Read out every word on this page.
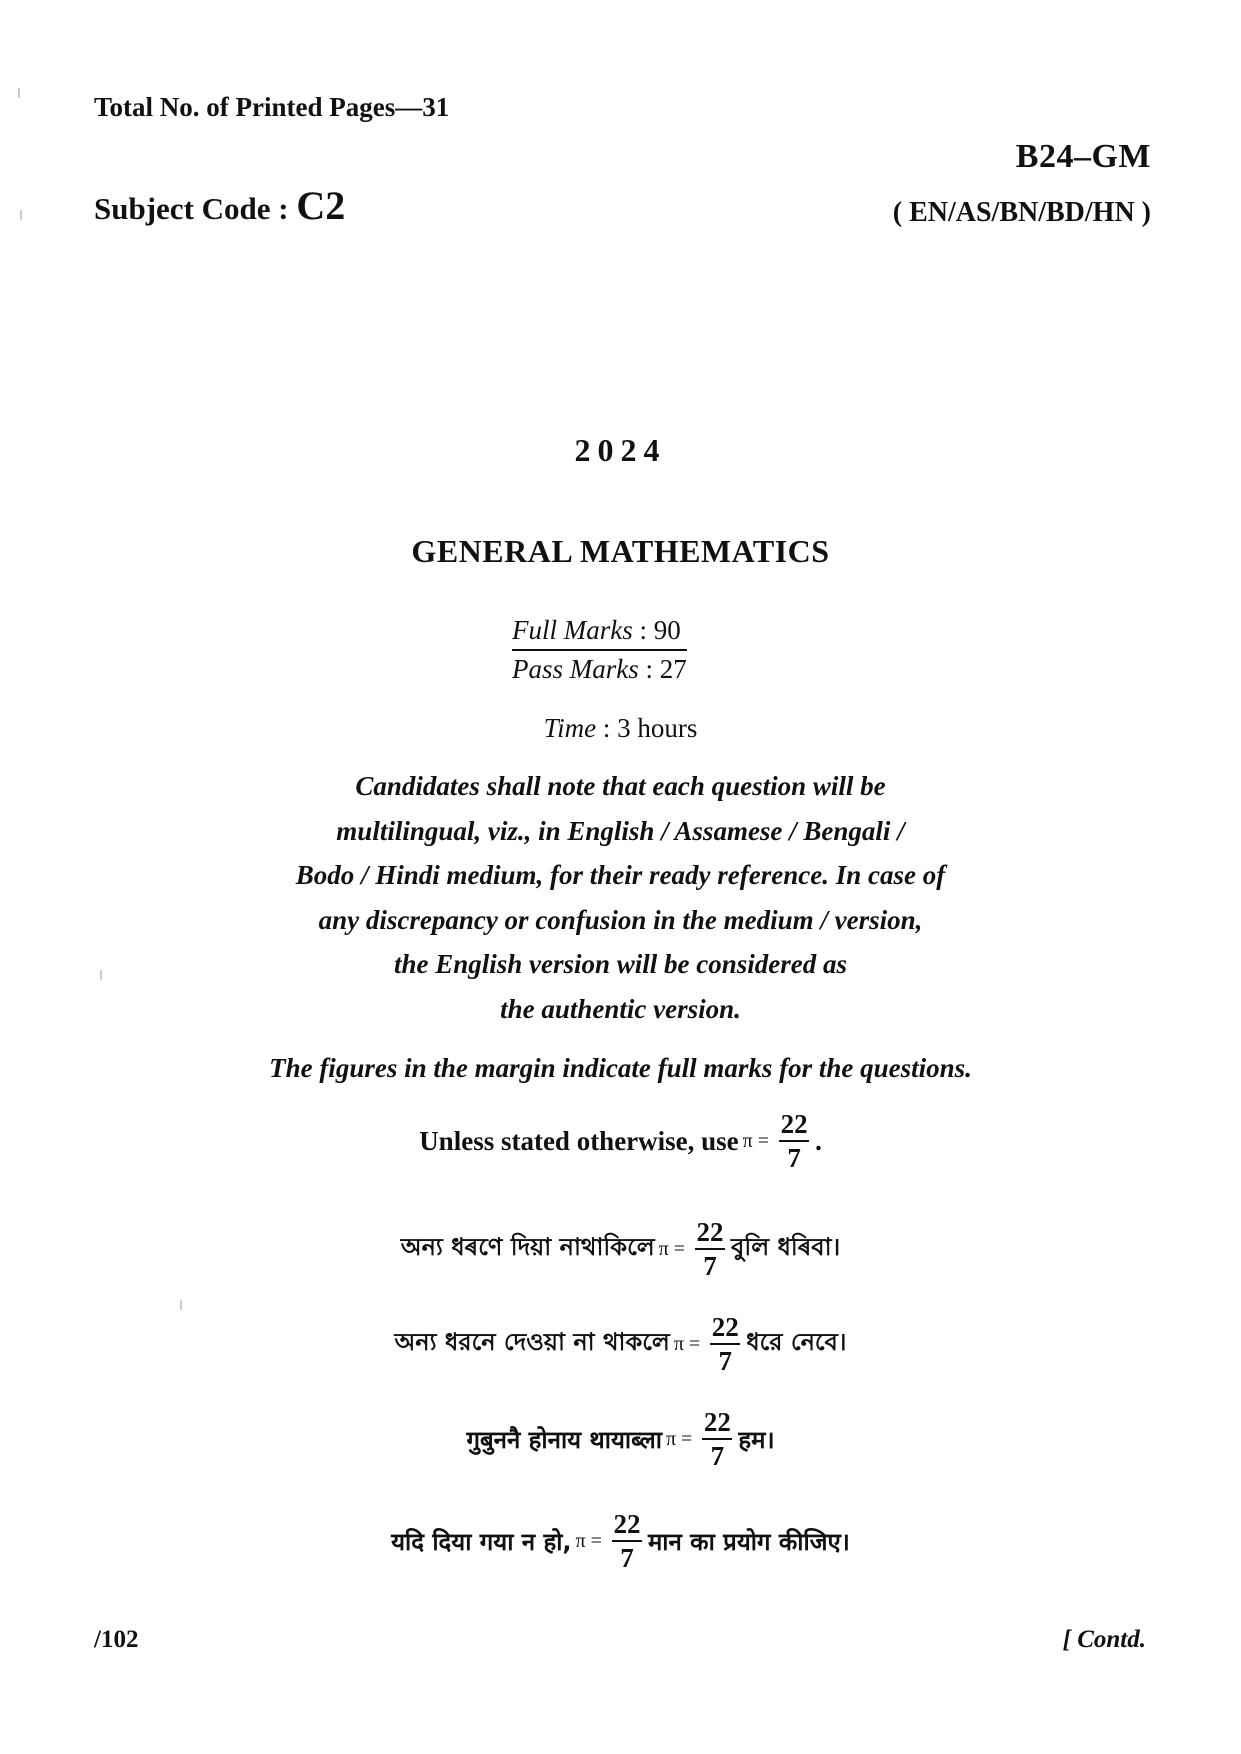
Total No. of Printed Pages—31
B24–GM
Subject Code : C2	( EN/AS/BN/BD/HN )
2024
GENERAL MATHEMATICS
Full Marks : 90
Pass Marks : 27
Time : 3 hours
Candidates shall note that each question will be
multilingual, viz., in English / Assamese / Bengali /
Bodo / Hindi medium, for their ready reference. In case of
any discrepancy or confusion in the medium / version,
the English version will be considered as
the authentic version.
The figures in the margin indicate full marks for the questions.
Unless stated otherwise, use $\pi = \frac{22}{7}$ .
অন্য ধৰণে দিয়া নাথাকিলে $\pi = \frac{22}{7}$ বুলি ধৰিবা।
অন্য ধরনে দেওয়া না থাকলে $\pi = \frac{22}{7}$ ধরে নেবে।
गुबुननै होनाय थायाब्ला $\pi = \frac{22}{7}$ हम।
यदि दिया गया न हो, $\pi = \frac{22}{7}$ मान का प्रयोग कीजिए।
/102	[ Contd.
